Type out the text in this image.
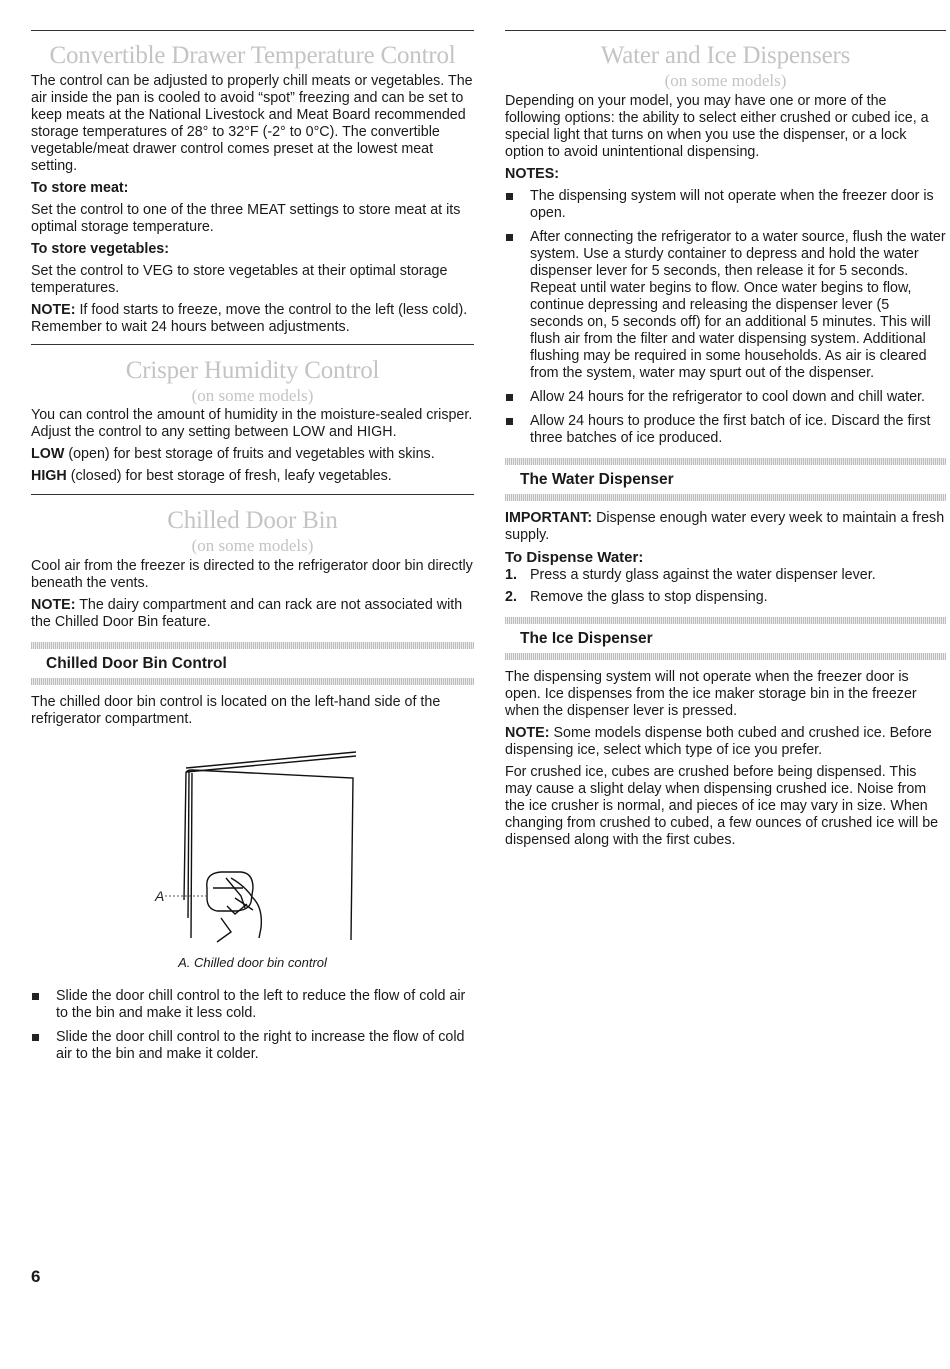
Convertible Drawer Temperature Control

The control can be adjusted to properly chill meats or vegetables. The air inside the pan is cooled to avoid “spot” freezing and can be set to keep meats at the National Livestock and Meat Board recommended storage temperatures of 28° to 32°F (-2° to 0°C). The convertible vegetable/meat drawer control comes preset at the lowest meat setting.

To store meat:

Set the control to one of the three MEAT settings to store meat at its optimal storage temperature.

To store vegetables:

Set the control to VEG to store vegetables at their optimal storage temperatures.

NOTE: If food starts to freeze, move the control to the left (less cold). Remember to wait 24 hours between adjustments.

Crisper Humidity Control
(on some models)

You can control the amount of humidity in the moisture-sealed crisper. Adjust the control to any setting between LOW and HIGH.

LOW (open) for best storage of fruits and vegetables with skins.

HIGH (closed) for best storage of fresh, leafy vegetables.

Chilled Door Bin
(on some models)

Cool air from the freezer is directed to the refrigerator door bin directly beneath the vents.

NOTE: The dairy compartment and can rack are not associated with the Chilled Door Bin feature.

Chilled Door Bin Control

The chilled door bin control is located on the left-hand side of the refrigerator compartment.

A
A. Chilled door bin control
Slide the door chill control to the left to reduce the flow of cold air to the bin and make it less cold.
Slide the door chill control to the right to increase the flow of cold air to the bin and make it colder.
Water and Ice Dispensers
(on some models)

Depending on your model, you may have one or more of the following options: the ability to select either crushed or cubed ice, a special light that turns on when you use the dispenser, or a lock option to avoid unintentional dispensing.

NOTES:

The dispensing system will not operate when the freezer door is open.
After connecting the refrigerator to a water source, flush the water system. Use a sturdy container to depress and hold the water dispenser lever for 5 seconds, then release it for 5 seconds. Repeat until water begins to flow. Once water begins to flow, continue depressing and releasing the dispenser lever (5 seconds on, 5 seconds off) for an additional 5 minutes. This will flush air from the filter and water dispensing system. Additional flushing may be required in some households. As air is cleared from the system, water may spurt out of the dispenser.
Allow 24 hours for the refrigerator to cool down and chill water.
Allow 24 hours to produce the first batch of ice. Discard the first three batches of ice produced.
The Water Dispenser

IMPORTANT: Dispense enough water every week to maintain a fresh supply.

To Dispense Water:

1. Press a sturdy glass against the water dispenser lever.
2. Remove the glass to stop dispensing.
The Ice Dispenser

The dispensing system will not operate when the freezer door is open. Ice dispenses from the ice maker storage bin in the freezer when the dispenser lever is pressed.

NOTE: Some models dispense both cubed and crushed ice. Before dispensing ice, select which type of ice you prefer.

For crushed ice, cubes are crushed before being dispensed. This may cause a slight delay when dispensing crushed ice. Noise from the ice crusher is normal, and pieces of ice may vary in size. When changing from crushed to cubed, a few ounces of crushed ice will be dispensed along with the first cubes.

6
